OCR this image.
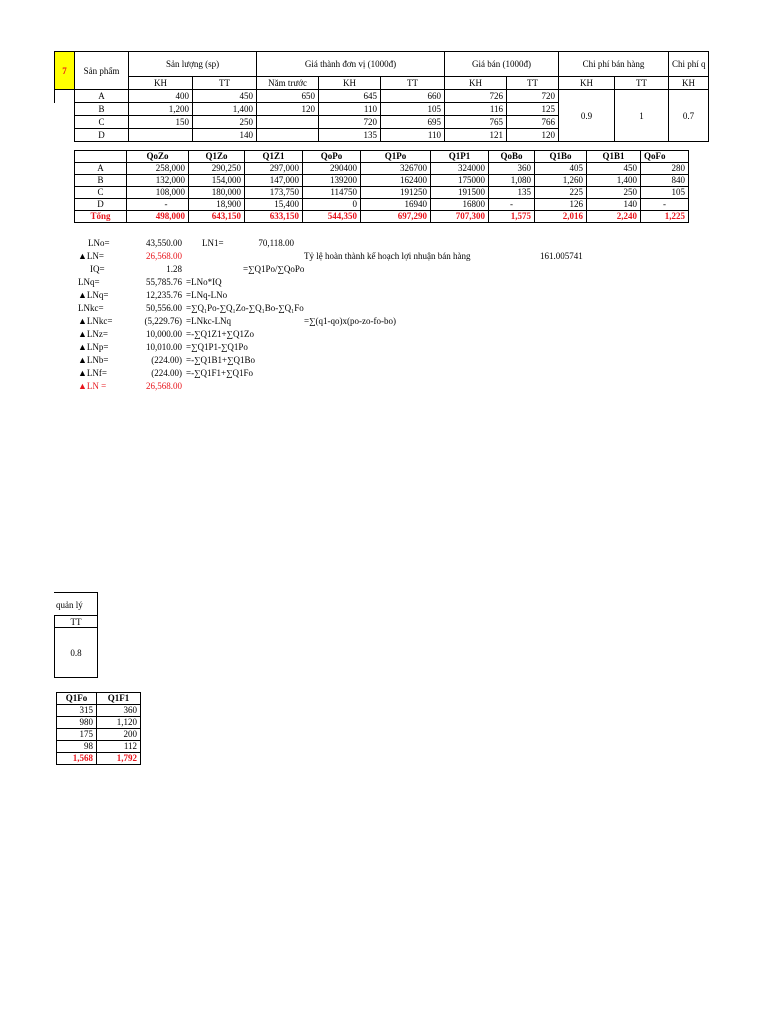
7	Sản phẩm	Sản lượng (sp)		Giá thành đơn vị (1000đ)			Giá bán (1000đ)		Chi phí bán hàng		Chi phí q
		KH	TT	Năm trước	KH	TT	KH	TT	KH	TT	KH
	A	400	450	650	645	660	726	720	0.9	1	0.7
	B	1,200	1,400	120	110	105	116	125			
	C	150	250		720	695	765	766			
	D		140		135	110	121	120			
	QoZo	Q1Zo	Q1Z1	QoPo	Q1Po	Q1P1	QoBo	Q1Bo	Q1B1	QoFo
A	258,000	290,250	297,000	290400	326700	324000	360	405	450	280
B	132,000	154,000	147,000	139200	162400	175000	1,080	1,260	1,400	840
C	108,000	180,000	173,750	114750	191250	191500	135	225	250	105
D	-	18,900	15,400	0	16940	16800	-	126	140	-
Tổng	498,000	643,150	633,150	544,350	697,290	707,300	1,575	2,016	2,240	1,225
LNo=	43,550.00 LN1=	70,118.00
▲LN=	26,568.00	Tỷ lệ hoàn thành kế hoạch lợi nhuận bán hàng	161.005741
IQ=	1.28	=∑Q1Po/∑QoPo
LNq=	55,785.76 =LNo*IQ
▲LNq=	12,235.76 =LNq-LNo
LNkc=	50,556.00 =∑Q₁Po-∑Q₁Zo-∑Q₁Bo-∑Q₁Fo
▲LNkc=	(5,229.76) =LNkc-LNq	=∑(q1-qo)x(po-zo-fo-bo)
▲LNz=	10,000.00 =-∑Q1Z1+∑Q1Zo
▲LNp=	10,010.00 =∑Q1P1-∑Q1Po
▲LNb=	(224.00) =-∑Q1B1+∑Q1Bo
▲LNf=	(224.00) =-∑Q1F1+∑Q1Fo
▲LN =	26,568.00
quản lý
TT
0.8
Q1Fo	Q1F1
315	360
980	1,120
175	200
98	112
1,568	1,792
